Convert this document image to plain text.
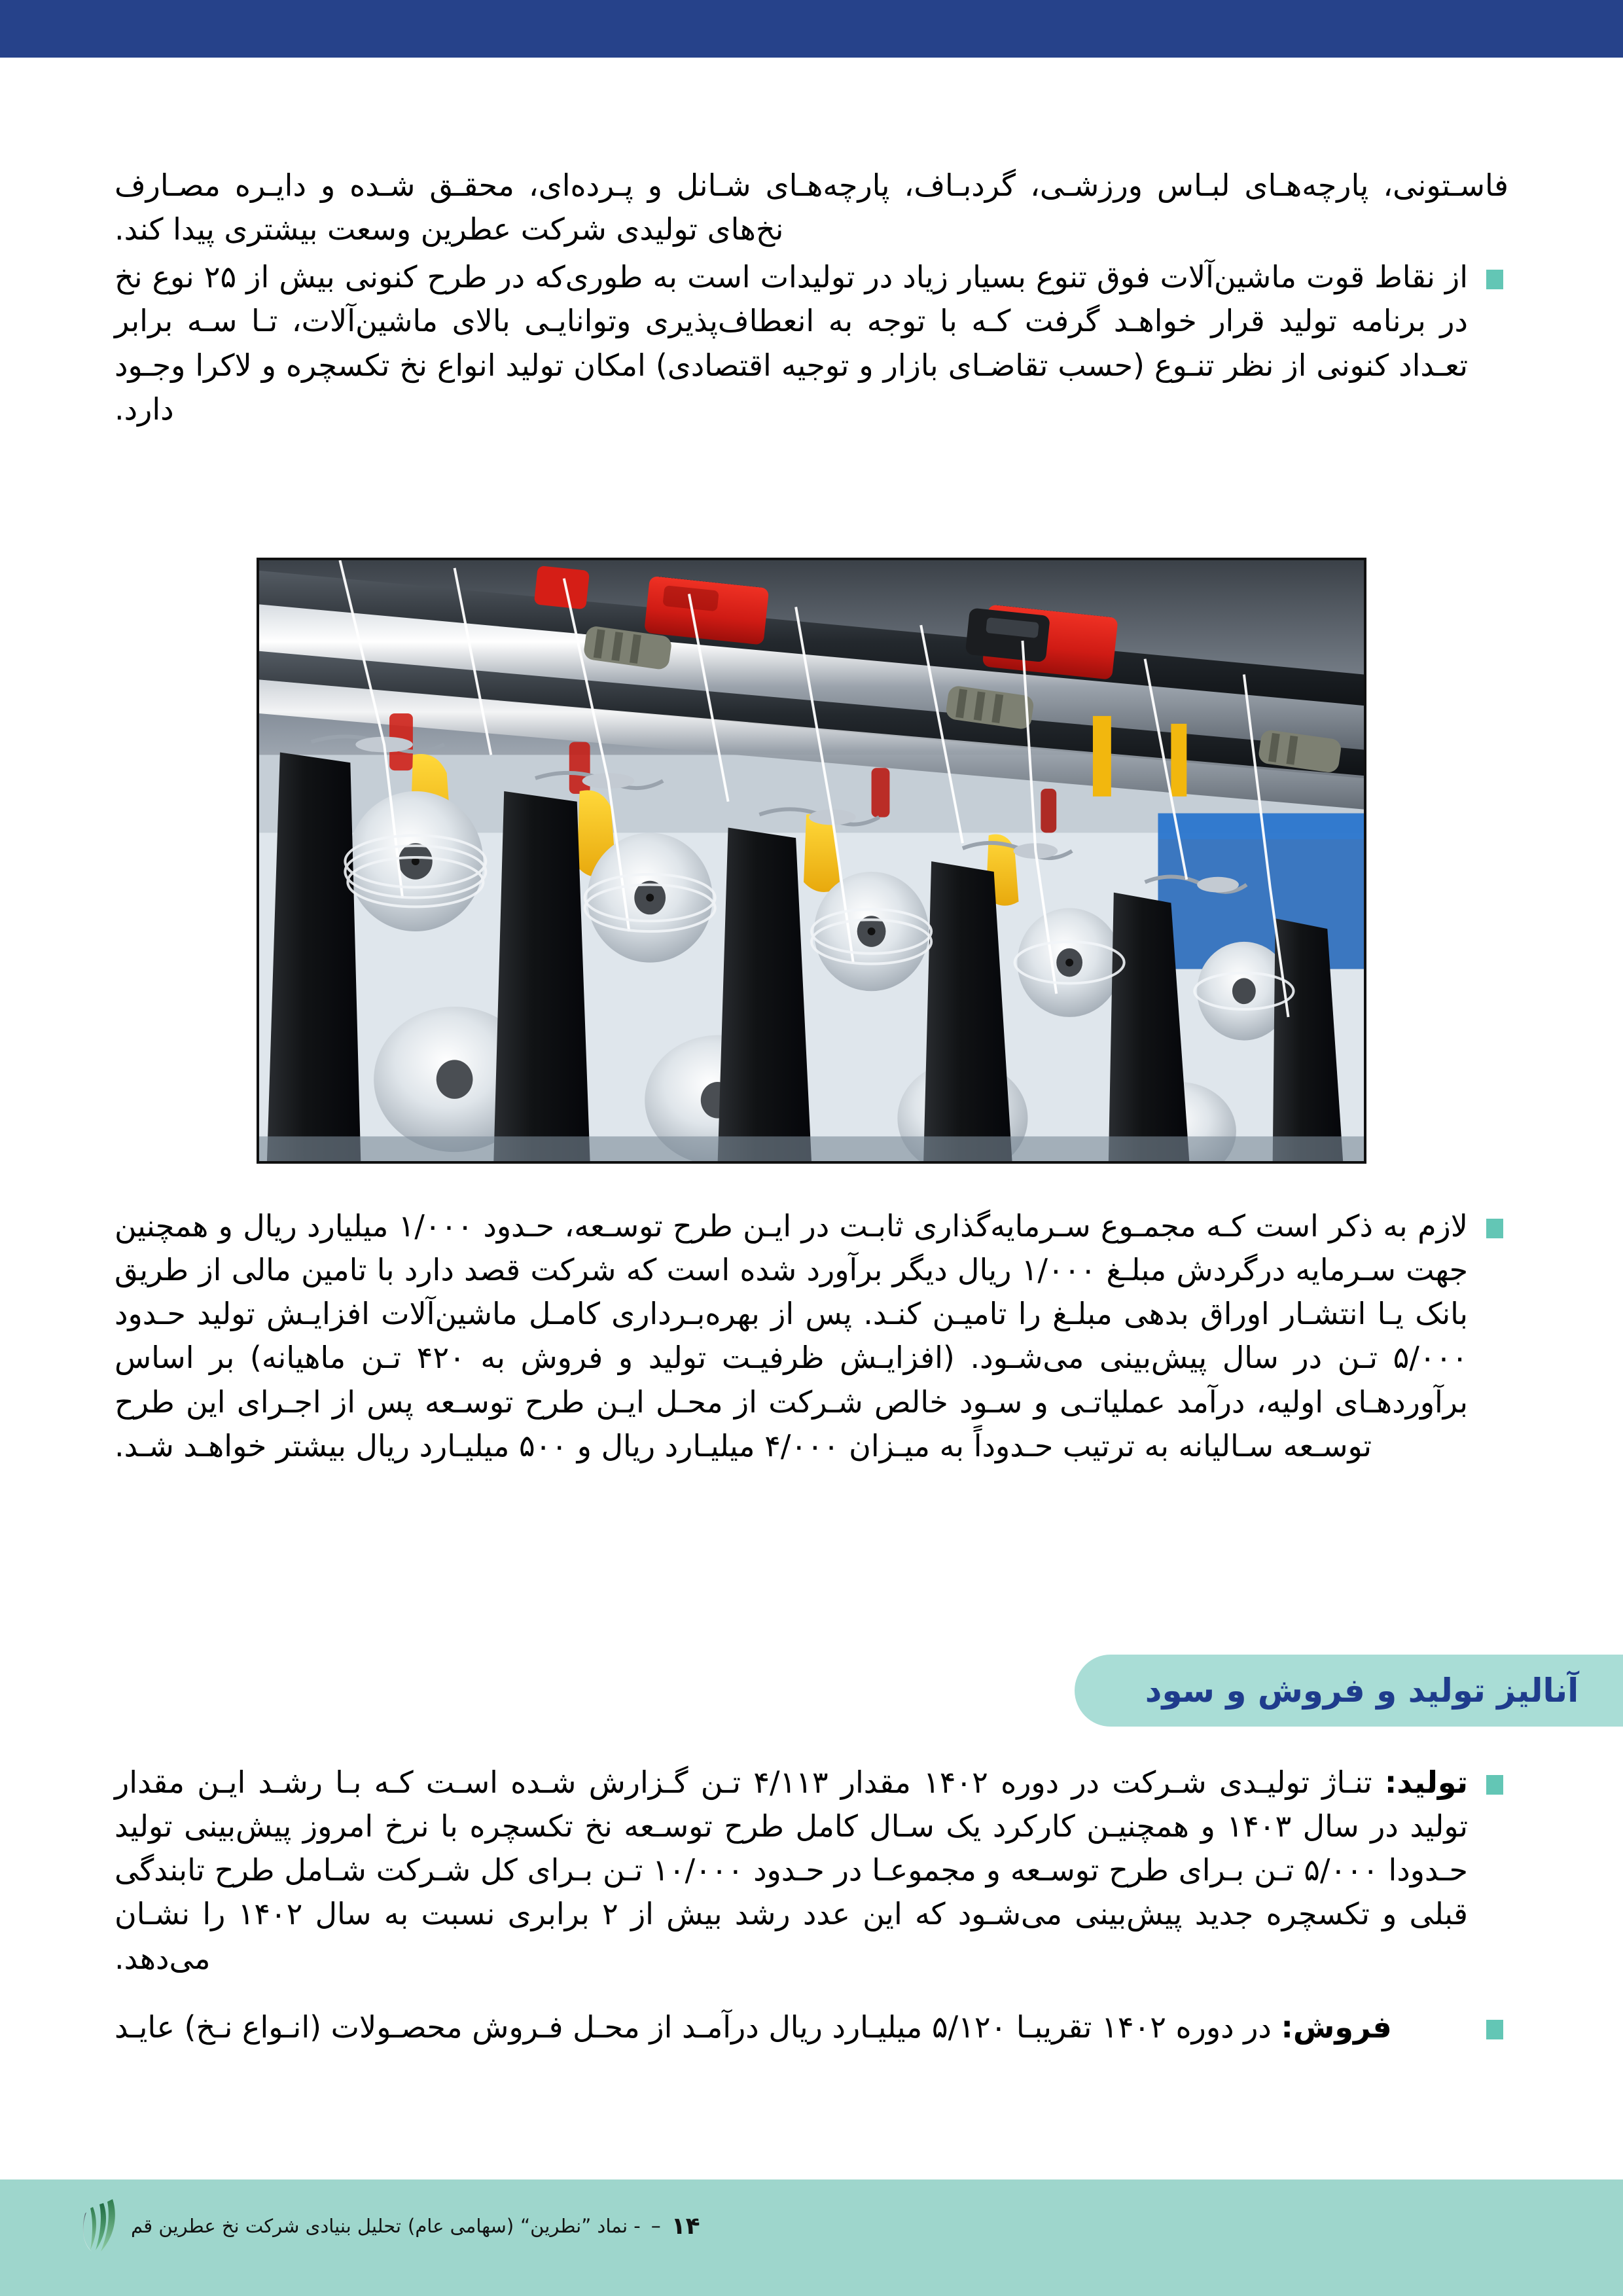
فاسـتونی، پارچه‌هـای لبـاس ورزشـی، گردبـاف، پارچه‌هـای شـانل و پـرده‌ای، محقـق شـده و دایـره مصـارف نخ‌های تولیدی شرکت عطرین وسعت بیشتری پیدا کند.

از نقاط قوت ماشین‌آلات فوق تنوع بسیار زیاد در تولیدات است به طوری‌که در طرح کنونی بیش از ۲۵ نوع نخ در برنامه تولید قرار خواهـد گرفت کـه با توجه به انعطاف‌پذیری وتوانایـی بالای ماشین‌آلات، تـا سـه برابر تعـداد کنونی از نظر تنـوع (حسب تقاضـای بازار و توجیه اقتصادی) امکان تولید انواع نخ تکسچره و لاکرا وجـود دارد.

لازم به ذکر است کـه مجمـوع سـرمایه‌گذاری ثابـت در ایـن طرح توسـعه، حـدود ۱/۰۰۰ میلیارد ریال و همچنین جهت سـرمایه درگردش مبلـغ ۱/۰۰۰ ریال دیگر برآورد شده است که شرکت قصد دارد با تامین مالی از طریق بانک یـا انتشـار اوراق بدهی مبلـغ را تامیـن کنـد. پس از بهره‌بـرداری کامـل ماشین‌آلات افزایـش تولید حـدود ۵/۰۰۰ تـن در سال پیش‌بینی می‌شـود. (افزایـش ظرفیـت تولید و فروش به ۴۲۰ تـن ماهیانه) بر اساس برآوردهـای اولیه، درآمد عملیاتـی و سـود خالص شـرکت از محـل ایـن طرح توسـعه پس از اجـرای این طرح توسـعه سـالیانه به ترتیب حـدوداً به میـزان ۴/۰۰۰ میلیـارد ریال و ۵۰۰ میلیـارد ریال بیشتر خواهـد شـد.

آنالیز تولید و فروش و سود

تولید: تنـاژ تولیـدی شـرکت در دوره ۱۴۰۲ مقدار ۴/۱۱۳ تـن گـزارش شـده اسـت کـه بـا رشـد ایـن مقدار تولید در سال ۱۴۰۳ و همچنیـن کارکرد یک سـال کامل طرح توسـعه نخ تکسچره با نرخ امروز پیش‌بینی تولید حـدودا ۵/۰۰۰ تـن بـرای طرح توسـعه و مجموعـا در حـدود ۱۰/۰۰۰ تـن بـرای کل شـرکت شـامل طرح تابندگی قبلی و تکسچره جدید پیش‌بینی می‌شـود که این عدد رشد بیش از ۲ برابری نسبت به سال ۱۴۰۲ را نشـان می‌دهد.

فروش: در دوره ۱۴۰۲ تقریبـا ۵/۱۲۰ میلیـارد ریال درآمـد از محـل فـروش محصـولات (انـواع نـخ) عایـد

۱۴
–
- نماد ”نطرین“
(سهامی عام)
تحلیل بنیادی شرکت نخ عطرین قم
